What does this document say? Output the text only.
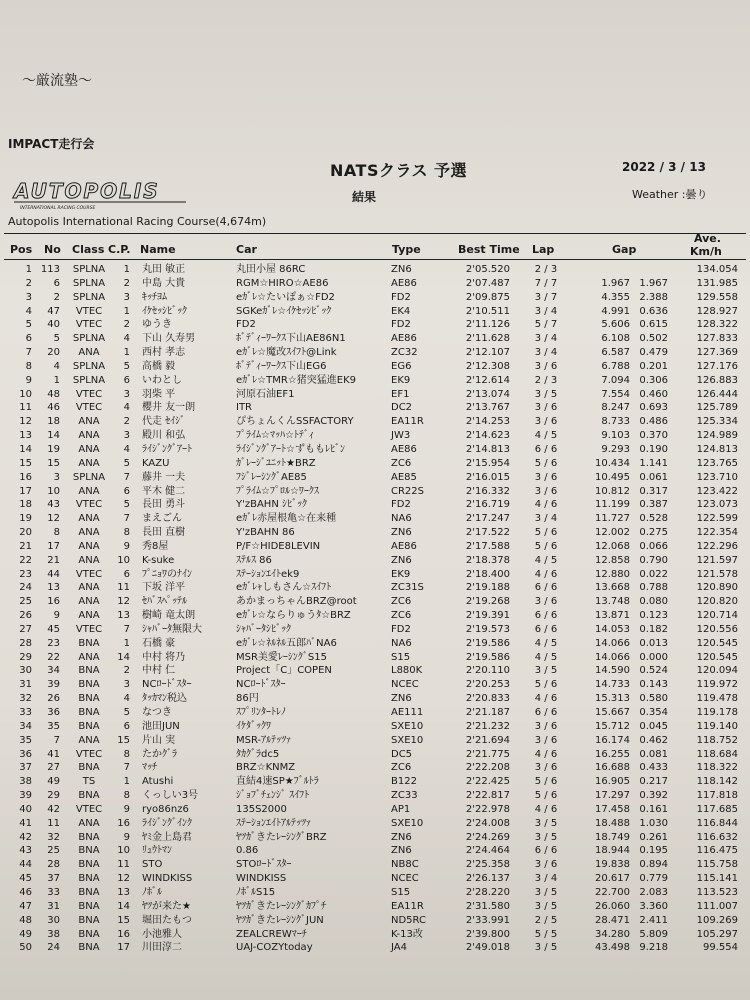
～厳流塾～
IMPACT走行会
NATSクラス 予選	2022 / 3 / 13
AUTOPOLIS
INTERNATIONAL RACING COURSE
結果	Weather :曇り
Autopolis International Racing Course(4,674m)
Pos No Class C.P. Name	Car	Type	Best Time Lap	Gap
Ave.
Km/h
1 113	SPLNA	1 丸田 敏正	丸田小屋 86RC	ZN6	2'05.520	2 / 3	134.054
2	6	SPLNA	2 中島 大貴	RGM☆HIRO☆AE86	AE86	2'07.487	7 / 7	1.967 1.967	131.985
3	2	SPLNA	3 ｷｯﾁﾖﾑ	eｶﾞﾚ☆たいぽぁ☆FD2	FD2	2'09.875	3 / 7	4.355 2.388	129.558
4	47	VTEC	1 ｲｹｾｯｼﾋﾞｯｸ	SGKeｶﾞﾚ☆ｲｹｾｯｼﾋﾞｯｸ	EK4	2'10.511	3 / 4	4.991 0.636	128.927
5	40	VTEC	2 ゆうき	FD2	FD2	2'11.126	5 / 7	5.606 0.615	128.322
6	5	SPLNA	4 下山 久寿男	ﾎﾞﾃﾞｨｰﾜｰｸｽ下山AE86N1	AE86	2'11.628	3 / 4	6.108 0.502	127.833
7	20	ANA	1 西村 孝志	eｶﾞﾚ☆魔改ｽｲﾌﾄ@Link	ZC32	2'12.107	3 / 4	6.587 0.479	127.369
8	4	SPLNA	5 高橋 毅	ﾎﾞﾃﾞｨｰﾜｰｸｽ下山EG6	EG6	2'12.308	3 / 6	6.788 0.201	127.176
9	1	SPLNA	6 いわとし	eｶﾞﾚ☆TMR☆猪突猛進EK9	EK9	2'12.614	2 / 3	7.094 0.306	126.883
10	48	VTEC	3 羽柴 平	河原石油EF1	EF1	2'13.074	3 / 5	7.554 0.460	126.444
11	46	VTEC	4 櫻井 友一朗	ITR	DC2	2'13.767	3 / 6	8.247 0.693	125.789
12	18	ANA	2 代走 ｾｲｼﾞ	ぴちょんくんSSFACTORY	EA11R	2'14.253	3 / 6	8.733 0.486	125.334
13	14	ANA	3 殿川 和弘	ﾌﾟﾗｲﾑ☆ﾏｯﾊ☆ﾄﾃﾞｨ	JW3	2'14.623	4 / 5	9.103 0.370	124.989
14	19	ANA	4 ﾗｲｼﾞﾝｸﾞｱｰﾄ	ﾗｲｼﾞﾝｸﾞｱｰﾄ☆ずももﾚﾋﾞﾝ	AE86	2'14.813	6 / 6	9.293 0.190	124.813
15	15	ANA	5 KAZU	ｶﾞﾚｰｼﾞﾕﾆｯﾄ★BRZ	ZC6	2'15.954	5 / 6	10.434 1.141	123.765
16	3	SPLNA	7 藤井 一夫	ﾌｼﾞﾚｰｼﾝｸﾞAE85	AE85	2'16.015	3 / 6	10.495 0.061	123.710
17	10	ANA	6 平木 健二	ﾌﾟﾗｲﾑ☆ﾌﾟﾛﾙ☆ﾜｰｸｽ	CR22S	2'16.332	3 / 6	10.812 0.317	123.422
18	43	VTEC	5 長田 勇斗	Y'zBAHN ｼﾋﾞｯｸ	FD2	2'16.719	4 / 6	11.199 0.387	123.073
19	12	ANA	7 まえごん	eｶﾞﾚ赤屋根亀☆在来種	NA6	2'17.247	3 / 4	11.727 0.528	122.599
20	8	ANA	8 長田 直樹	Y'zBAHN 86	ZN6	2'17.522	5 / 6	12.002 0.275	122.354
21	17	ANA	9 秀8屋	P/F☆HIDE8LEVIN	AE86	2'17.588	5 / 6	12.068 0.066	122.296
22	21	ANA	10 K-suke	ｽﾃﾙｽ 86	ZN6	2'18.378	4 / 5	12.858 0.790	121.597
23	44	VTEC	6 ﾌﾟﾆｮﾜのﾅｲﾝ	ｽﾃｰｼｮﾝｴｲﾄek9	EK9	2'18.400	4 / 6	12.880 0.022	121.578
24	13	ANA	11 下坂 洋平	eｶﾞﾚｬしもさん☆ｽｲﾌﾄ	ZC31S	2'19.188	6 / 6	13.668 0.788	120.890
25	16	ANA	12 ｾﾊﾞｽﾍﾟｯﾃﾙ	あかまっちゃんBRZ@root	ZC6	2'19.268	3 / 6	13.748 0.080	120.820
26	9	ANA	13 樹崎 竜太朗	eｶﾞﾚ☆ならりゅうﾀ☆BRZ	ZC6	2'19.391	6 / 6	13.871 0.123	120.714
27	45	VTEC	7 ｼｬﾊﾞｰﾀ無限大	ｼｬﾊﾞｰﾀｼﾋﾞｯｸ	FD2	2'19.573	6 / 6	14.053 0.182	120.556
28	23	BNA	1 石橋 豪	eｶﾞﾚ☆ﾈﾙﾈﾙ五郎ﾊﾞNA6	NA6	2'19.586	4 / 5	14.066 0.013	120.545
29	22	ANA	14 中村 将乃	MSR美愛ﾚｰｼﾝｸﾞS15	S15	2'19.586	4 / 5	14.066 0.000	120.545
30	34	BNA	2 中村 仁	Project「C」COPEN	L880K	2'20.110	3 / 5	14.590 0.524	120.094
31	39	BNA	3 NCﾛｰﾄﾞｽﾀｰ	NCﾛｰﾄﾞｽﾀｰ	NCEC	2'20.253	5 / 6	14.733 0.143	119.972
32	26	BNA	4 ﾀｯｶﾏﾝ税込	86円	ZN6	2'20.833	4 / 6	15.313 0.580	119.478
33	36	BNA	5 なつき	ｽﾌﾟﾘﾝﾀｰﾄﾚﾉ	AE111	2'21.187	6 / 6	15.667 0.354	119.178
34	35	BNA	6 池田JUN	ｲｹﾀﾞｯｸﾜ	SXE10	2'21.232	3 / 6	15.712 0.045	119.140
35	7	ANA	15 片山 実	MSR-ｱﾙﾃｯﾂｧ	SXE10	2'21.694	3 / 6	16.174 0.462	118.752
36	41	VTEC	8 たかｸﾞﾗ	ﾀｶｸﾞﾗdc5	DC5	2'21.775	4 / 6	16.255 0.081	118.684
37	27	BNA	7 ﾏｯﾁ	BRZ☆KNMZ	ZC6	2'22.208	3 / 6	16.688 0.433	118.322
38	49	TS	1 Atushi	直結4速SP★ﾌﾞﾙﾄﾗ	B122	2'22.425	5 / 6	16.905 0.217	118.142
39	29	BNA	8 くっしい3号	ｼﾞｮﾌﾞﾁｪﾝｼﾞ ｽｲﾌﾄ	ZC33	2'22.817	5 / 6	17.297 0.392	117.818
40	42	VTEC	9 ryo86nz6	135S2000	AP1	2'22.978	4 / 6	17.458 0.161	117.685
41	11	ANA	16 ﾗｲｼﾞﾝｸﾞｲﾝｸ	ｽﾃｰｼｮﾝｴｲﾄｱﾙﾃｯﾂｧ	SXE10	2'24.008	3 / 5	18.488 1.030	116.844
42	32	BNA	9 ﾔﾐ金上島君	ﾔﾂｶﾞきたﾚｰｼﾝｸﾞBRZ	ZN6	2'24.269	3 / 5	18.749 0.261	116.632
43	25	BNA	10 ﾘｭｳﾄﾏﾝ	0.86	ZN6	2'24.464	6 / 6	18.944 0.195	116.475
44	28	BNA	11 STO	STOﾛｰﾄﾞｽﾀｰ	NB8C	2'25.358	3 / 6	19.838 0.894	115.758
45	37	BNA	12 WINDKISS	WINDKISS	NCEC	2'26.137	3 / 4	20.617 0.779	115.141
46	33	BNA	13 ﾉﾎﾞﾙ	ﾉﾎﾞﾙS15	S15	2'28.220	3 / 5	22.700 2.083	113.523
47	31	BNA	14 ﾔﾂが来た★	ﾔﾂｶﾞきたﾚｰｼﾝｸﾞｶﾌﾟﾁ	EA11R	2'31.580	3 / 5	26.060 3.360	111.007
48	30	BNA	15 堀田たもつ	ﾔﾂｶﾞきたﾚｰｼﾝｸﾞJUN	ND5RC	2'33.991	2 / 5	28.471 2.411	109.269
49	38	BNA	16 小池雅人	ZEALCREWﾏｰﾁ	K-13改	2'39.800	5 / 5	34.280 5.809	105.297
50	24	BNA	17 川田淳二	UAJ-COZYtoday	JA4	2'49.018	3 / 5	43.498 9.218	99.554
